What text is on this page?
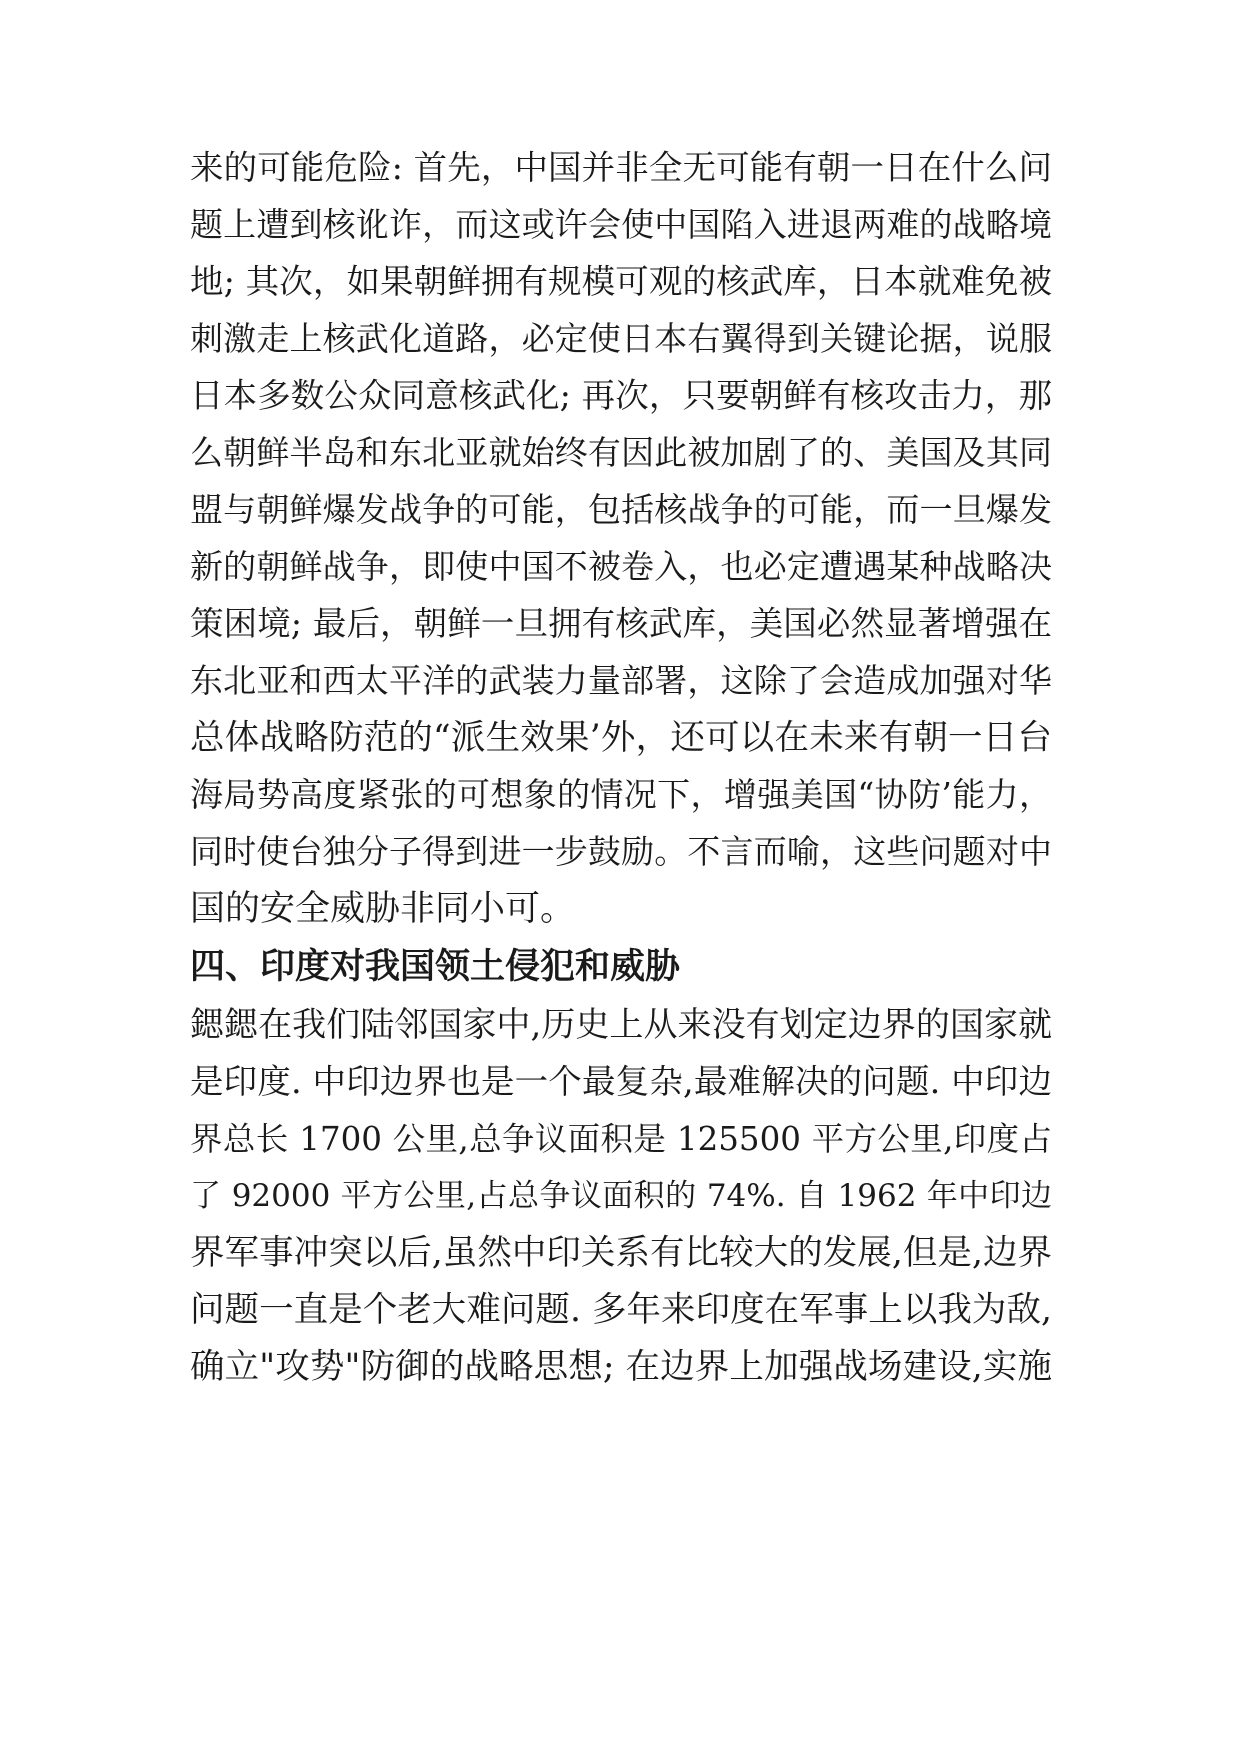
来的可能危险: 首先，中国并非全无可能有朝一日在什么问
题上遭到核讹诈，而这或许会使中国陷入进退两难的战略境
地; 其次，如果朝鲜拥有规模可观的核武库，日本就难免被
刺激走上核武化道路，必定使日本右翼得到关键论据，说服
日本多数公众同意核武化; 再次，只要朝鲜有核攻击力，那
么朝鲜半岛和东北亚就始终有因此被加剧了的、美国及其同
盟与朝鲜爆发战争的可能，包括核战争的可能，而一旦爆发
新的朝鲜战争，即使中国不被卷入，也必定遭遇某种战略决
策困境; 最后，朝鲜一旦拥有核武库，美国必然显著增强在
东北亚和西太平洋的武装力量部署，这除了会造成加强对华
总体战略防范的“派生效果’外，还可以在未来有朝一日台
海局势高度紧张的可想象的情况下，增强美国“协防’能力，
同时使台独分子得到进一步鼓励。不言而喻，这些问题对中
国的安全威胁非同小可。
四、印度对我国领土侵犯和威胁
鍶鍶在我们陆邻国家中,历史上从来没有划定边界的国家就
是印度. 中印边界也是一个最复杂,最难解决的问题. 中印边
界总长 1700 公里,总争议面积是 125500 平方公里,印度占
了 92000 平方公里,占总争议面积的 74%. 自 1962 年中印边
界军事冲突以后,虽然中印关系有比较大的发展,但是,边界
问题一直是个老大难问题. 多年来印度在军事上以我为敌,
确立"攻势"防御的战略思想; 在边界上加强战场建设,实施
